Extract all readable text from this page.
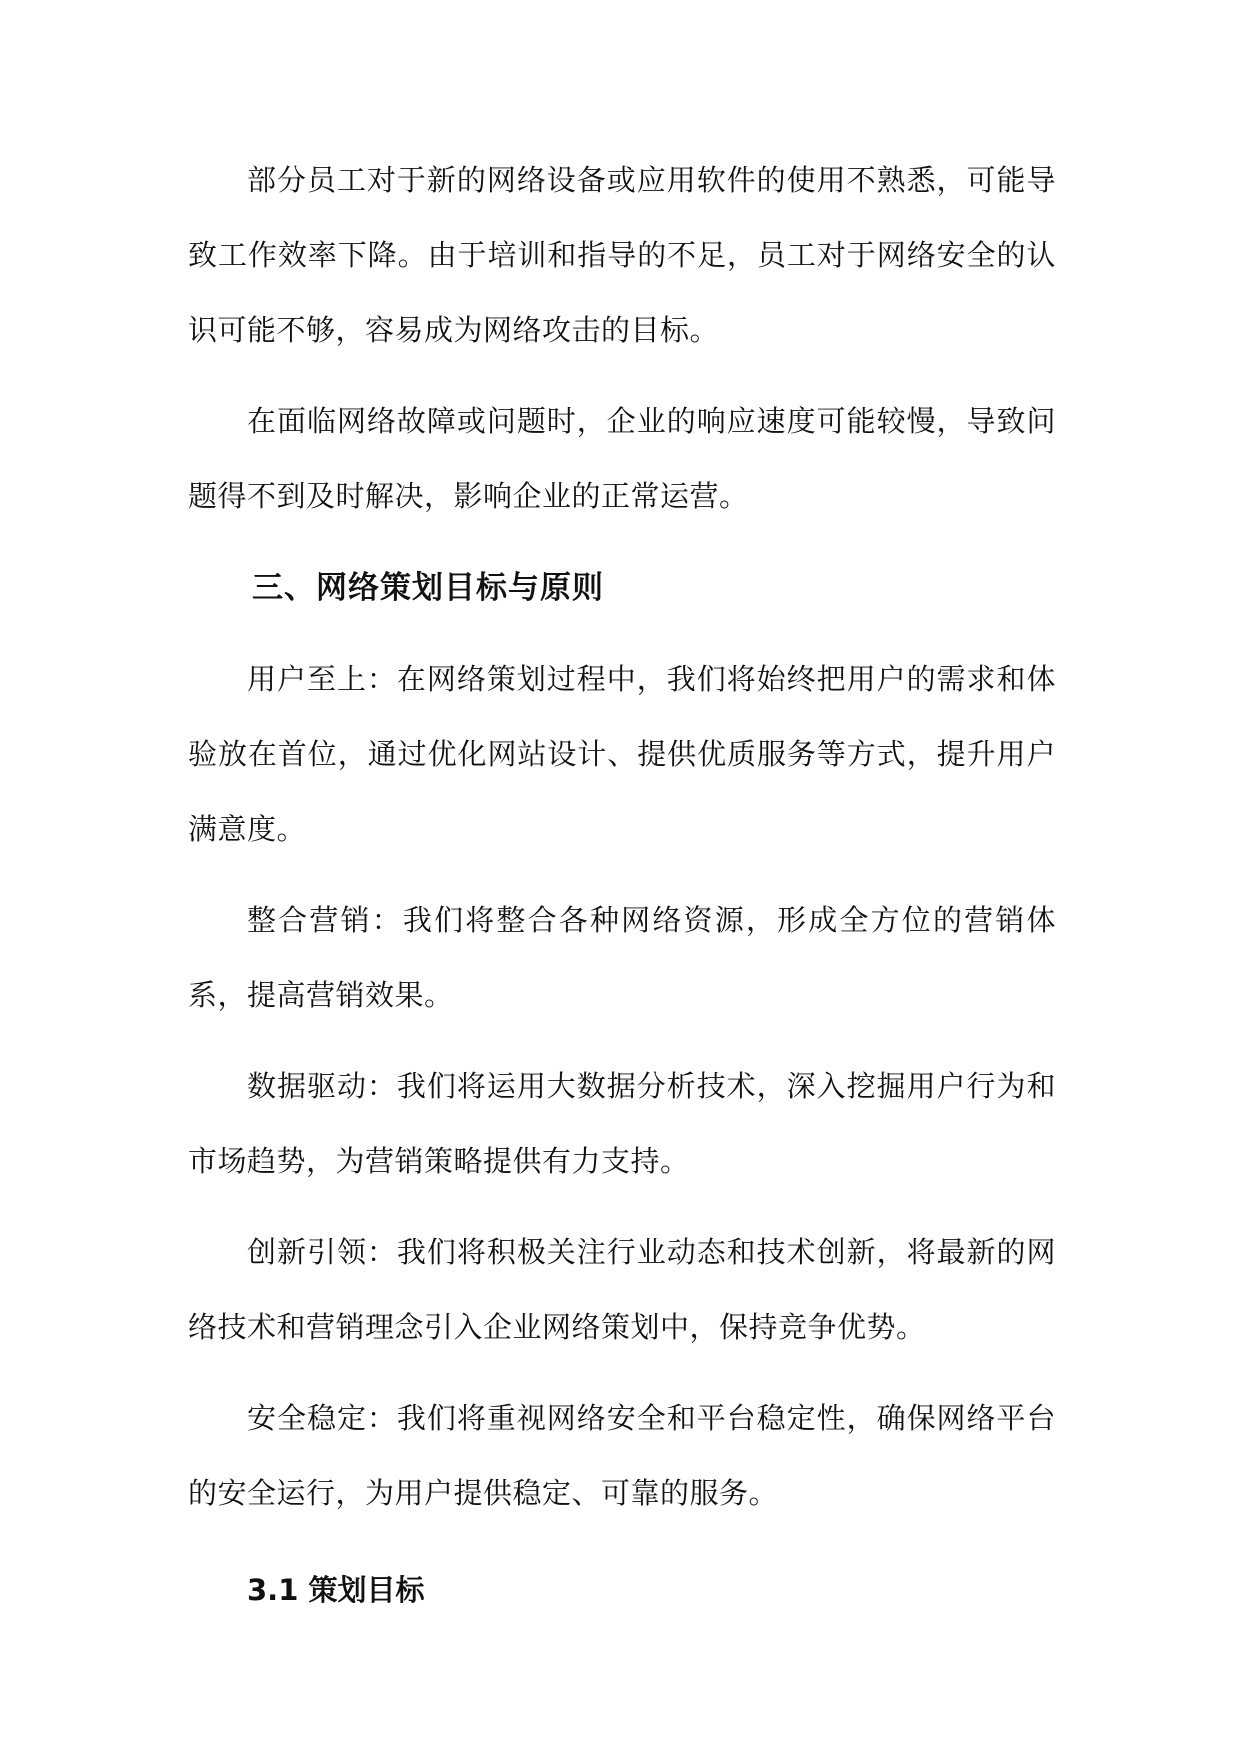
部分员工对于新的网络设备或应用软件的使用不熟悉，可能导致工作效率下降。由于培训和指导的不足，员工对于网络安全的认识可能不够，容易成为网络攻击的目标。

在面临网络故障或问题时，企业的响应速度可能较慢，导致问题得不到及时解决，影响企业的正常运营。

三、网络策划目标与原则

用户至上：在网络策划过程中，我们将始终把用户的需求和体验放在首位，通过优化网站设计、提供优质服务等方式，提升用户满意度。

整合营销：我们将整合各种网络资源，形成全方位的营销体系，提高营销效果。

数据驱动：我们将运用大数据分析技术，深入挖掘用户行为和市场趋势，为营销策略提供有力支持。

创新引领：我们将积极关注行业动态和技术创新，将最新的网络技术和营销理念引入企业网络策划中，保持竞争优势。

安全稳定：我们将重视网络安全和平台稳定性，确保网络平台的安全运行，为用户提供稳定、可靠的服务。

3.1 策划目标
